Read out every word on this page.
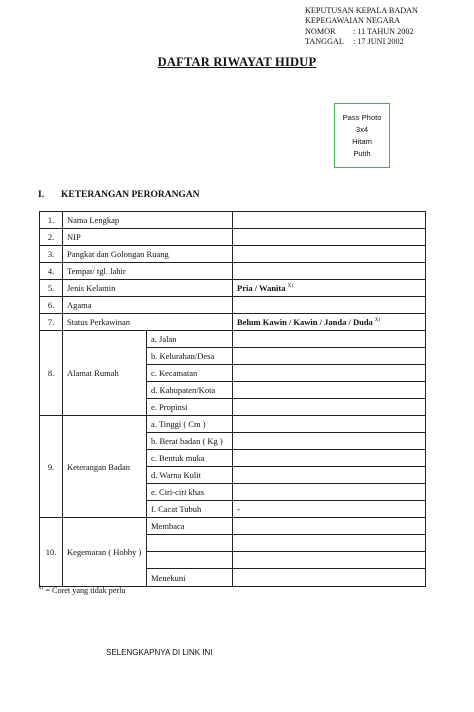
KEPUTUSAN KEPALA BADAN
KEPEGAWAIAN NEGARA
NOMOR	: 11 TAHUN 2002
TANGGAL	: 17 JUNI 2002
DAFTAR RIWAYAT HIDUP
Pass Photo
3x4
Hitam
Putih
I. KETERANGAN PERORANGAN
1.	Nama Lengkap		
2.	NIP		
3.	Pangkat dan Golongan Ruang		
4.	Tempat/ tgl. lahir		
5.	Jenis Kelamin		Pria / Wanita $^{X)}$
6.	Agama		
7.	Status Perkawinan		Belum Kawin / Kawin / Janda / Duda $^{X)}$
8.	Alamat Rumah	a. Jalan	
		b. Kelurahan/Desa	
		c. Kecamatan	
		d. Kabupaten/Kota	
		e. Propinsi	
9.	Keterangan Badan	a. Tinggi ( Cm )	
		b. Berat badan ( Kg )	
		c. Bentuk muka	
		d. Warna Kulit	
		e. Ciri-ciri khas	
		f. Cacat Tubuh	-
10.	Kegemaran ( Hobby )	Membaca	

		Menekuni	
$^{X)}$ = Coret yang tidak perlu
SELENGKAPNYA DI LINK INI
